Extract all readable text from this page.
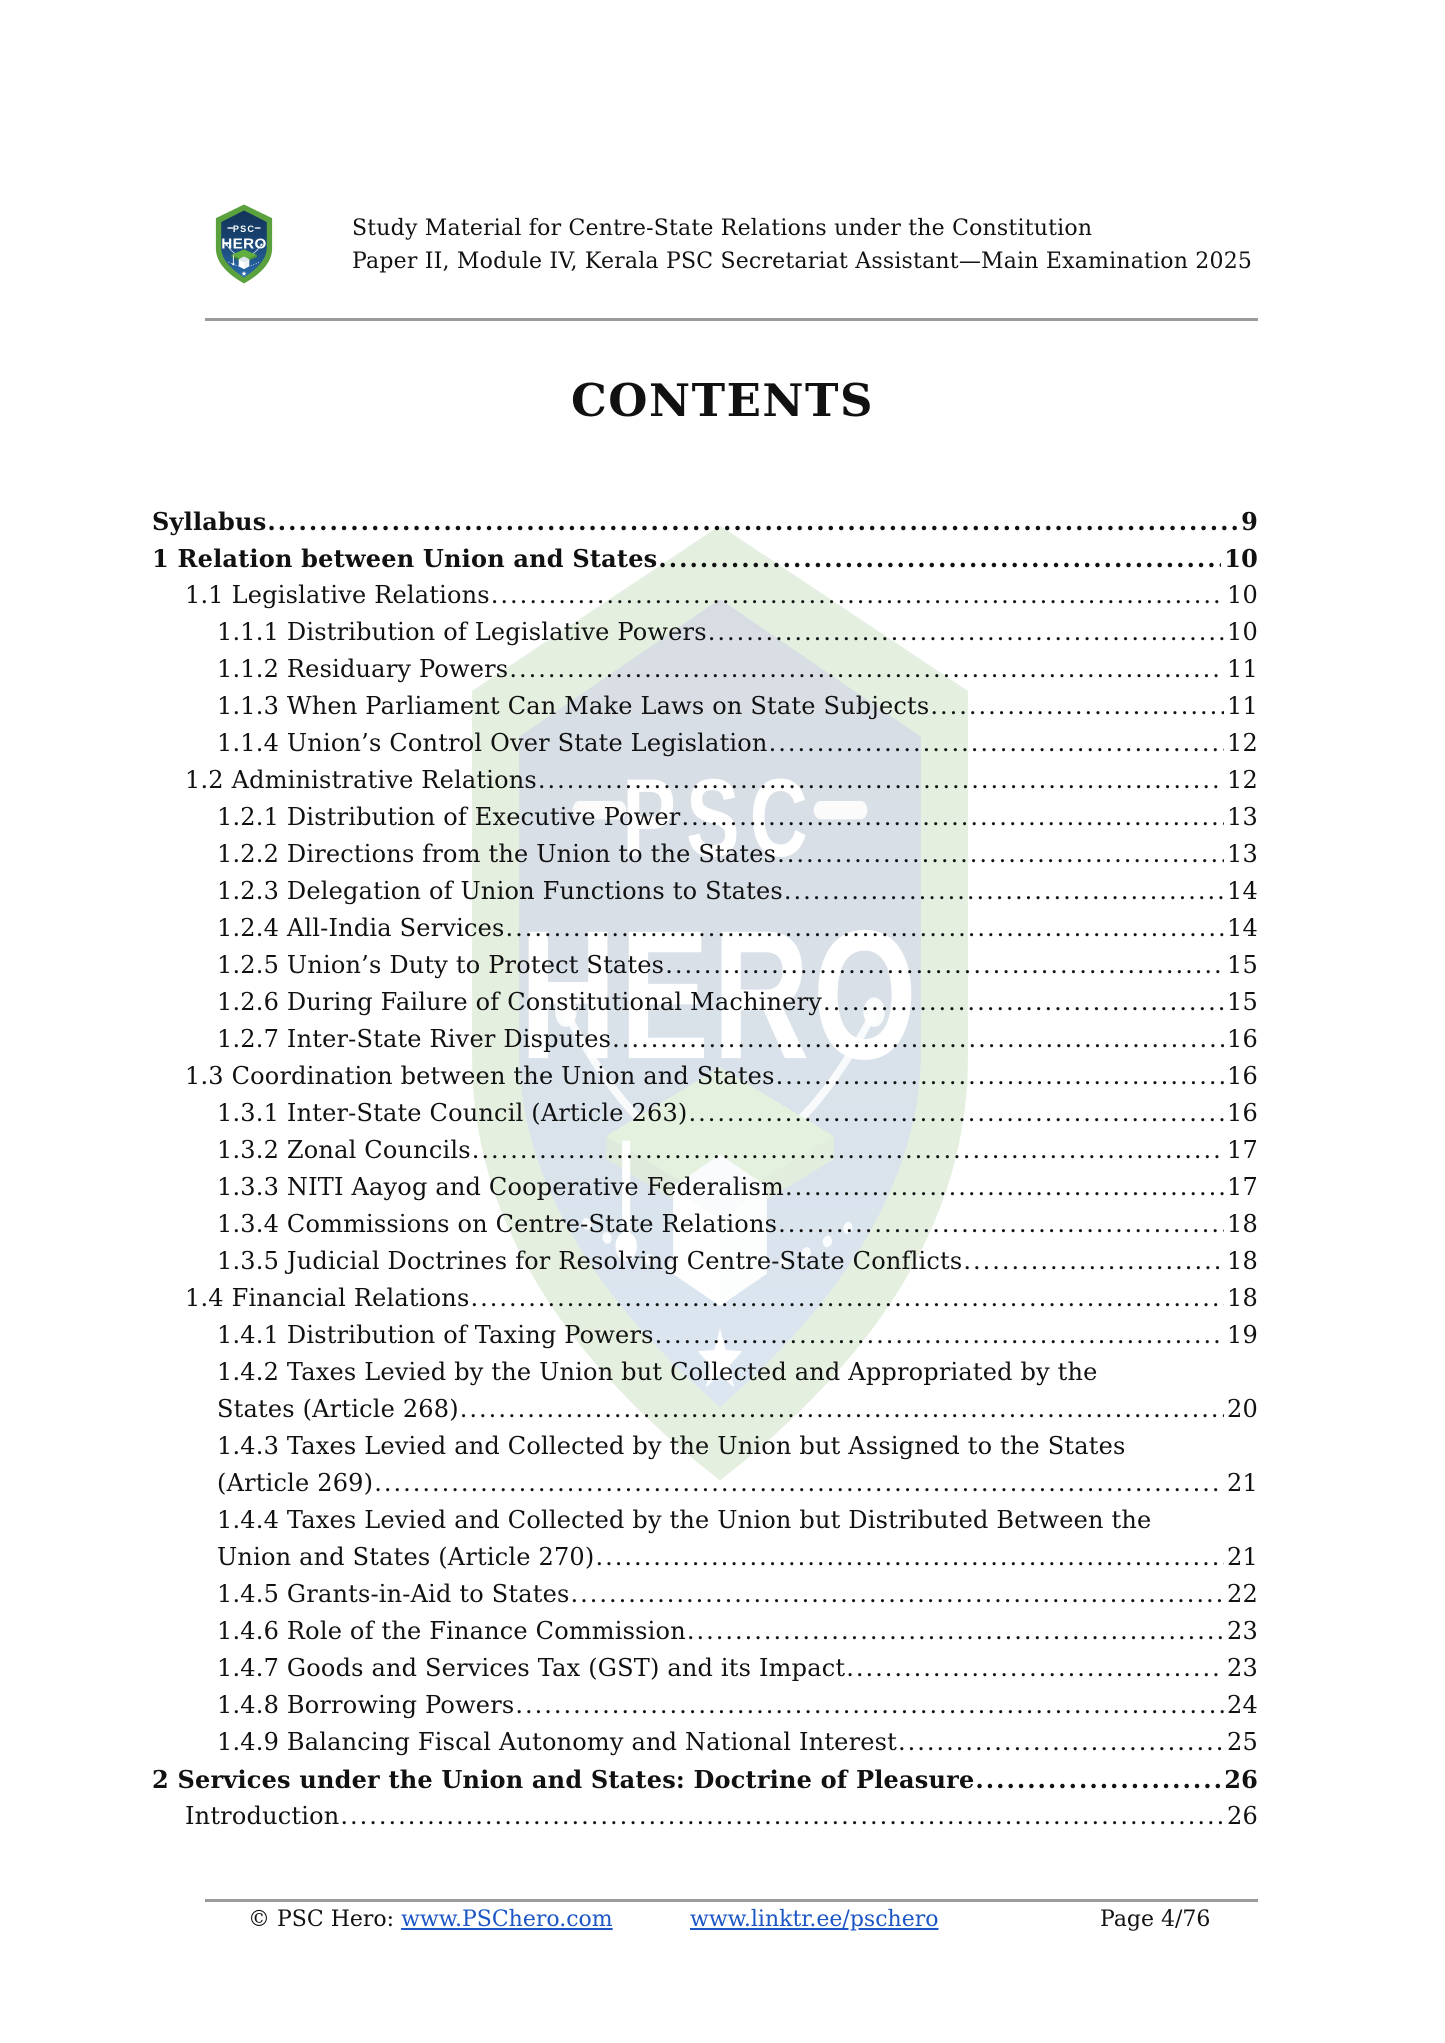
Study Material for Centre-State Relations under the Constitution
Paper II, Module IV, Kerala PSC Secretariat Assistant—Main Examination 2025
CONTENTS
Syllabus .....	9
1 Relation between Union and States .....	10
1.1 Legislative Relations .....	10
1.1.1 Distribution of Legislative Powers .....	10
1.1.2 Residuary Powers .....	11
1.1.3 When Parliament Can Make Laws on State Subjects .....	11
1.1.4 Union’s Control Over State Legislation .....	12
1.2 Administrative Relations .....	12
1.2.1 Distribution of Executive Power .....	13
1.2.2 Directions from the Union to the States .....	13
1.2.3 Delegation of Union Functions to States .....	14
1.2.4 All-India Services .....	14
1.2.5 Union’s Duty to Protect States .....	15
1.2.6 During Failure of Constitutional Machinery .....	15
1.2.7 Inter-State River Disputes .....	16
1.3 Coordination between the Union and States .....	16
1.3.1 Inter-State Council (Article 263) .....	16
1.3.2 Zonal Councils .....	17
1.3.3 NITI Aayog and Cooperative Federalism .....	17
1.3.4 Commissions on Centre-State Relations .....	18
1.3.5 Judicial Doctrines for Resolving Centre-State Conflicts .....	18
1.4 Financial Relations .....	18
1.4.1 Distribution of Taxing Powers .....	19
1.4.2 Taxes Levied by the Union but Collected and Appropriated by the
States (Article 268) .....	20
1.4.3 Taxes Levied and Collected by the Union but Assigned to the States
(Article 269) .....	21
1.4.4 Taxes Levied and Collected by the Union but Distributed Between the
Union and States (Article 270) .....	21
1.4.5 Grants-in-Aid to States .....	22
1.4.6 Role of the Finance Commission .....	23
1.4.7 Goods and Services Tax (GST) and its Impact .....	23
1.4.8 Borrowing Powers .....	24
1.4.9 Balancing Fiscal Autonomy and National Interest .....	25
2 Services under the Union and States: Doctrine of Pleasure .....	26
Introduction .....	26
© PSC Hero: www.PSChero.com	www.linktr.ee/pschero	Page 4/76
